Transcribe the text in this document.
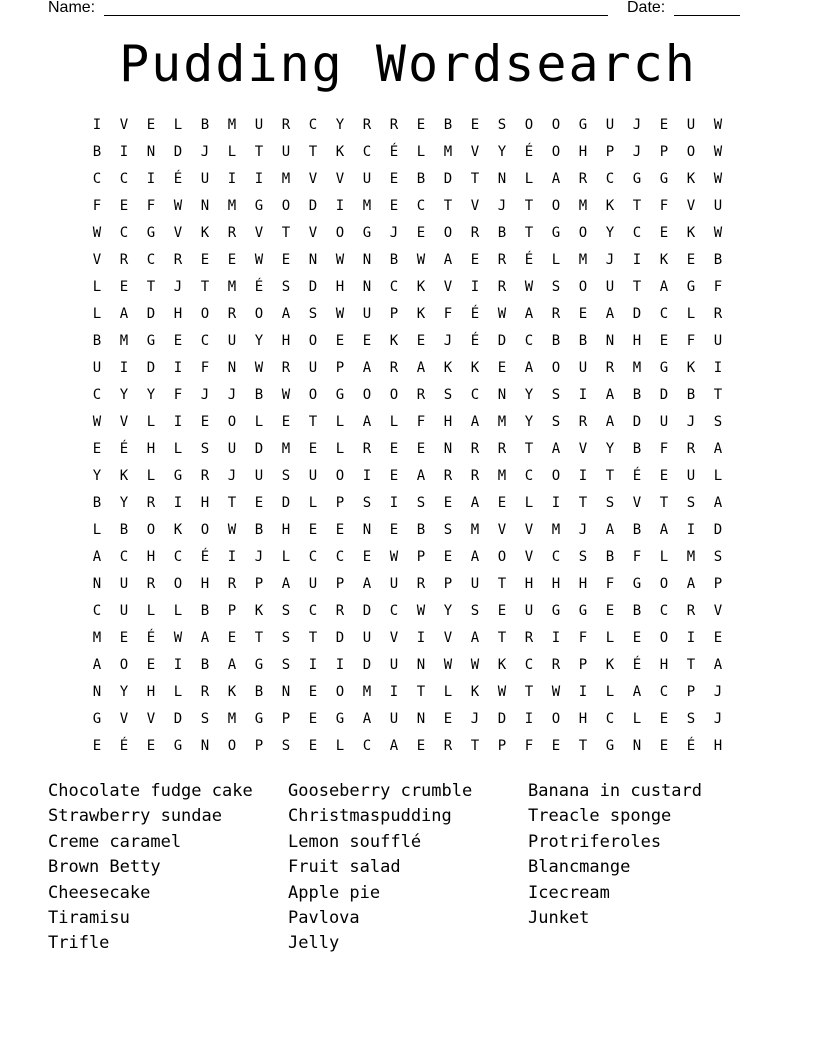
Name:	Date:
Pudding Wordsearch
I	V	E	L	B	M	U	R	C	Y	R	R	E	B	E	S	O	O	G	U	J	E	U	W
B	I	N	D	J	L	T	U	T	K	C	É	L	M	V	Y	É	O	H	P	J	P	O	W
C	C	I	É	U	I	I	M	V	V	U	E	B	D	T	N	L	A	R	C	G	G	K	W
F	E	F	W	N	M	G	O	D	I	M	E	C	T	V	J	T	O	M	K	T	F	V	U
W	C	G	V	K	R	V	T	V	O	G	J	E	O	R	B	T	G	O	Y	C	E	K	W
V	R	C	R	E	E	W	E	N	W	N	B	W	A	E	R	É	L	M	J	I	K	E	B
L	E	T	J	T	M	É	S	D	H	N	C	K	V	I	R	W	S	O	U	T	A	G	F
L	A	D	H	O	R	O	A	S	W	U	P	K	F	É	W	A	R	E	A	D	C	L	R
B	M	G	E	C	U	Y	H	O	E	E	K	E	J	É	D	C	B	B	N	H	E	F	U
U	I	D	I	F	N	W	R	U	P	A	R	A	K	K	E	A	O	U	R	M	G	K	I
C	Y	Y	F	J	J	B	W	O	G	O	O	R	S	C	N	Y	S	I	A	B	D	B	T
W	V	L	I	E	O	L	E	T	L	A	L	F	H	A	M	Y	S	R	A	D	U	J	S
E	É	H	L	S	U	D	M	E	L	R	E	E	N	R	R	T	A	V	Y	B	F	R	A
Y	K	L	G	R	J	U	S	U	O	I	E	A	R	R	M	C	O	I	T	É	E	U	L
B	Y	R	I	H	T	E	D	L	P	S	I	S	E	A	E	L	I	T	S	V	T	S	A
L	B	O	K	O	W	B	H	E	E	N	E	B	S	M	V	V	M	J	A	B	A	I	D
A	C	H	C	É	I	J	L	C	C	E	W	P	E	A	O	V	C	S	B	F	L	M	S
N	U	R	O	H	R	P	A	U	P	A	U	R	P	U	T	H	H	H	F	G	O	A	P
C	U	L	L	B	P	K	S	C	R	D	C	W	Y	S	E	U	G	G	E	B	C	R	V
M	E	É	W	A	E	T	S	T	D	U	V	I	V	A	T	R	I	F	L	E	O	I	E
A	O	E	I	B	A	G	S	I	I	D	U	N	W	W	K	C	R	P	K	É	H	T	A
N	Y	H	L	R	K	B	N	E	O	M	I	T	L	K	W	T	W	I	L	A	C	P	J
G	V	V	D	S	M	G	P	E	G	A	U	N	E	J	D	I	O	H	C	L	E	S	J
E	É	E	G	N	O	P	S	E	L	C	A	E	R	T	P	F	E	T	G	N	E	É	H
Chocolate fudge cake
Strawberry sundae
Creme caramel
Brown Betty
Cheesecake
Tiramisu
Trifle
Gooseberry crumble
Christmaspudding
Lemon soufflé
Fruit salad
Apple pie
Pavlova
Jelly
Banana in custard
Treacle sponge
Protriferoles
Blancmange
Icecream
Junket
